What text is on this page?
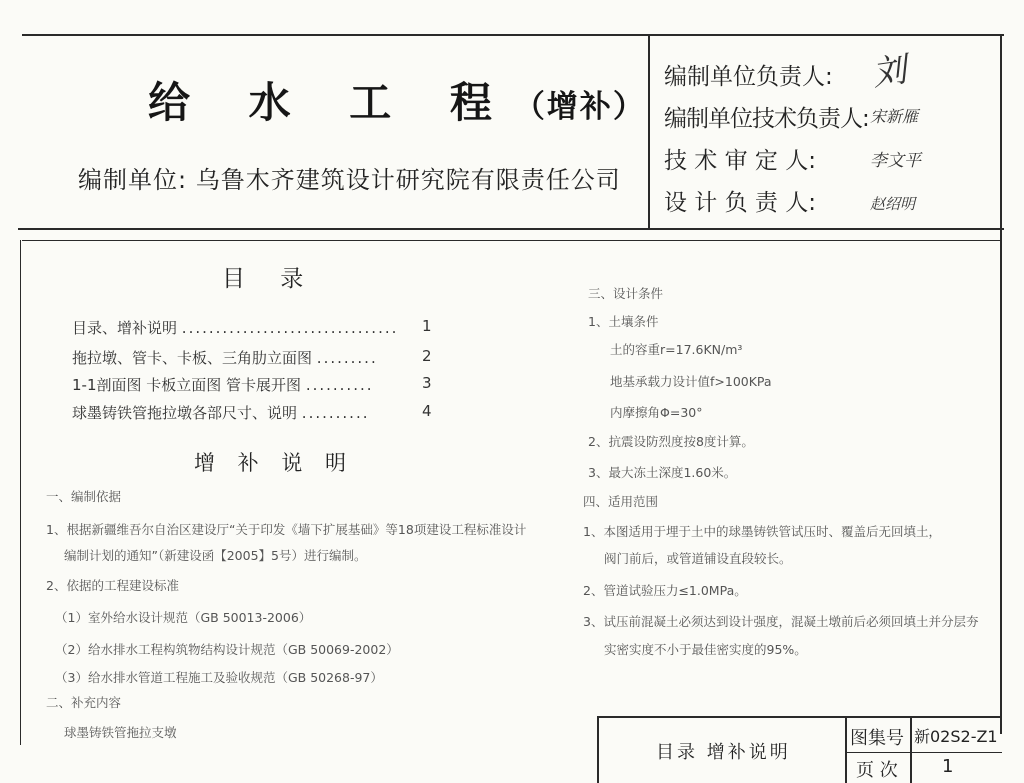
给 水 工 程（增补）
编制单位: 乌鲁木齐建筑设计研究院有限责任公司
编制单位负责人: 刘
编制单位技术负责人: 宋新雁
技 术 审 定 人:	李文平
设 计 负 责 人:	赵绍明
目 录
目录、增补说明 ................................ 1
拖拉墩、管卡、卡板、三角肋立面图 .........	2
1-1剖面图 卡板立面图 管卡展开图 ..........	3
球墨铸铁管拖拉墩各部尺寸、说明 ..........	4
增 补 说 明
一、编制依据
1、根据新疆维吾尔自治区建设厅“关于印发《墙下扩展基础》等18项建设工程标准设计
编制计划的通知”（新建设函【2005】5号）进行编制。
2、依据的工程建设标准
（1）室外给水设计规范（GB 50013-2006）
（2）给水排水工程构筑物结构设计规范（GB 50069-2002）
（3）给水排水管道工程施工及验收规范（GB 50268-97）
二、补充内容
球墨铸铁管拖拉支墩
三、设计条件
1、土壤条件
土的容重r=17.6KN/m³
地基承载力设计值f>100KPa
内摩擦角Φ=30°
2、抗震设防烈度按8度计算。
3、最大冻土深度1.60米。
四、适用范围
1、本图适用于埋于土中的球墨铸铁管试压时、覆盖后无回填土，
阀门前后，或管道铺设直段较长。
2、管道试验压力≤1.0MPa。
3、试压前混凝土必须达到设计强度，混凝土墩前后必须回填土并分层夯
实密实度不小于最佳密实度的95%。
目录 增补说明
图集号 新02S2-Z1
页 次 1
